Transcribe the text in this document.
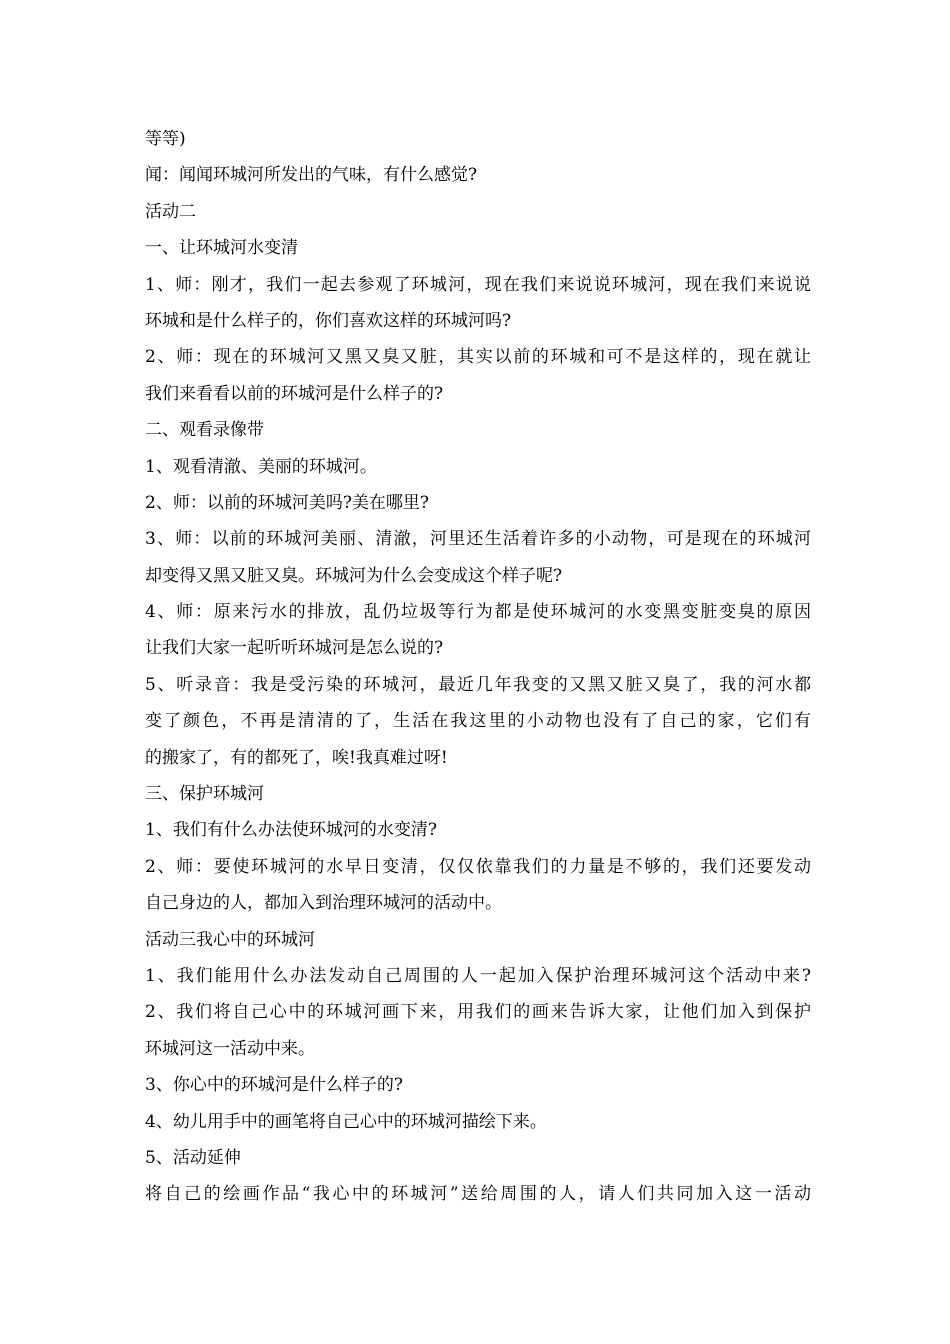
等等)
闻：闻闻环城河所发出的气味，有什么感觉?
活动二
一、让环城河水变清
1、师：刚才，我们一起去参观了环城河，现在我们来说说环城河，现在我们来说说
环城和是什么样子的，你们喜欢这样的环城河吗?
2、师：现在的环城河又黑又臭又脏，其实以前的环城和可不是这样的，现在就让
我们来看看以前的环城河是什么样子的?
二、观看录像带
1、观看清澈、美丽的环城河。
2、师：以前的环城河美吗?美在哪里?
3、师：以前的环城河美丽、清澈，河里还生活着许多的小动物，可是现在的环城河
却变得又黑又脏又臭。环城河为什么会变成这个样子呢?
4、师：原来污水的排放，乱仍垃圾等行为都是使环城河的水变黑变脏变臭的原因
让我们大家一起听听环城河是怎么说的?
5、听录音：我是受污染的环城河，最近几年我变的又黑又脏又臭了，我的河水都
变了颜色，不再是清清的了，生活在我这里的小动物也没有了自己的家，它们有
的搬家了，有的都死了，唉!我真难过呀!
三、保护环城河
1、我们有什么办法使环城河的水变清?
2、师：要使环城河的水早日变清，仅仅依靠我们的力量是不够的，我们还要发动
自己身边的人，都加入到治理环城河的活动中。
活动三我心中的环城河
1、我们能用什么办法发动自己周围的人一起加入保护治理环城河这个活动中来?
2、我们将自己心中的环城河画下来，用我们的画来告诉大家，让他们加入到保护
环城河这一活动中来。
3、你心中的环城河是什么样子的?
4、幼儿用手中的画笔将自己心中的环城河描绘下来。
5、活动延伸
将自己的绘画作品“我心中的环城河”送给周围的人，请人们共同加入这一活动
